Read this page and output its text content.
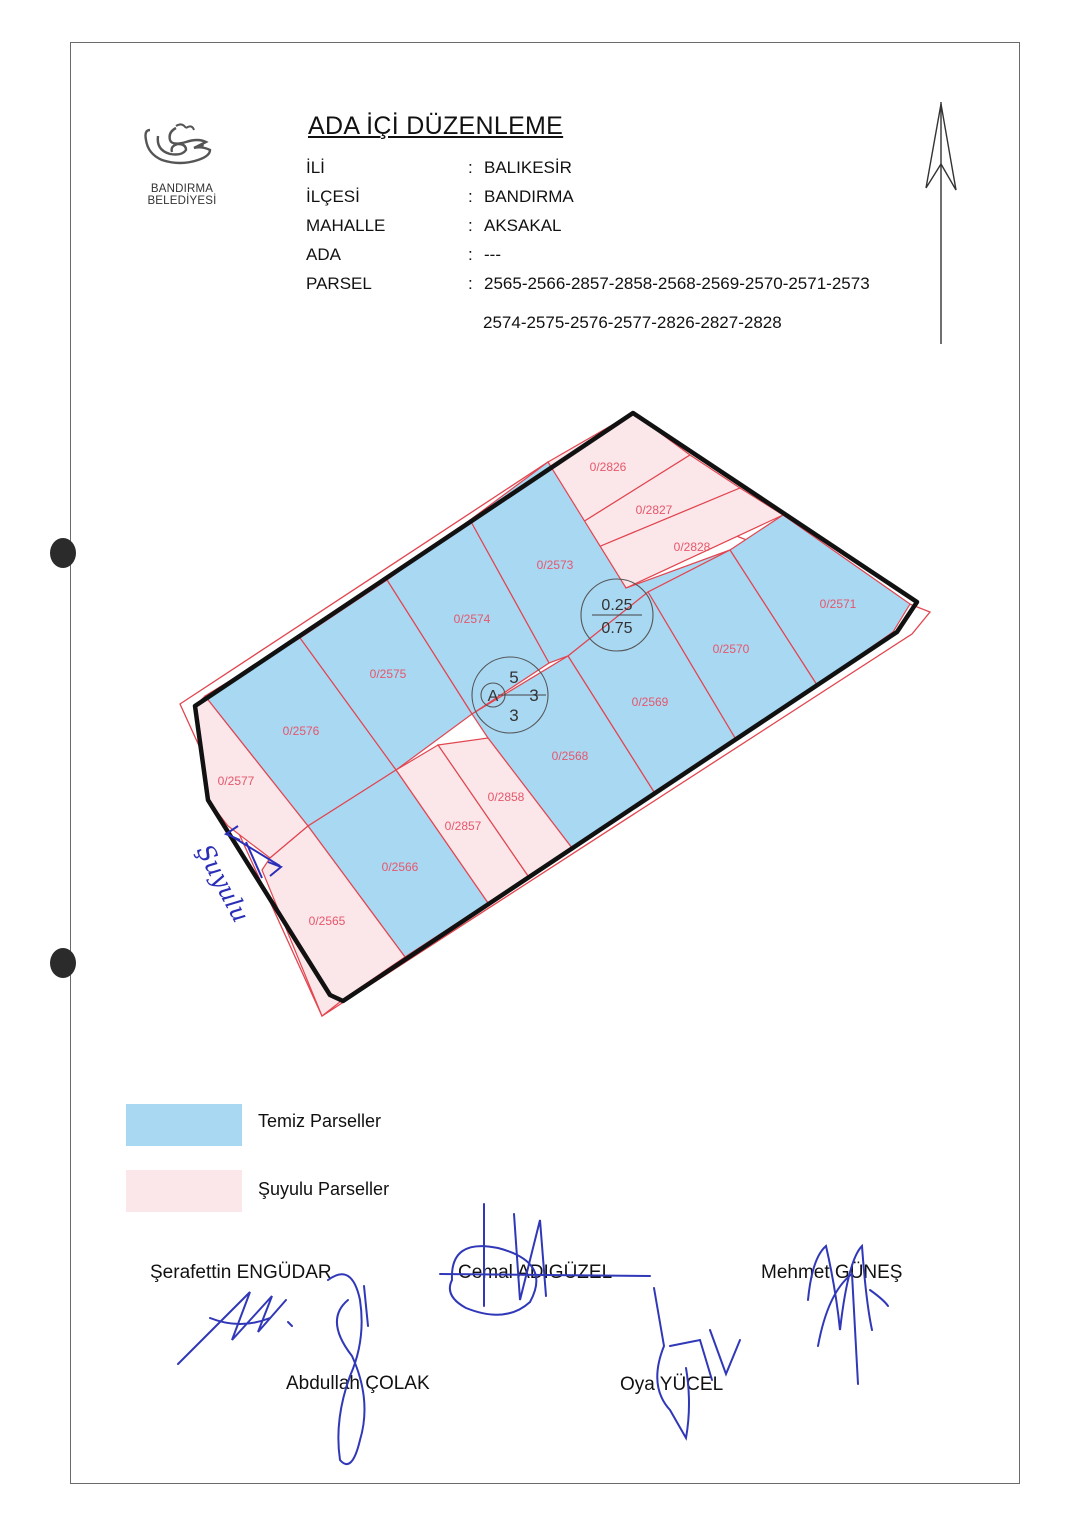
BANDIRMA
BELEDİYESİ
ADA İÇİ DÜZENLEME
İLİ	: BALIKESİR
İLÇESİ	: BANDIRMA
MAHALLE	: AKSAKAL
ADA	: ---
PARSEL	: 2565-2566-2857-2858-2568-2569-2570-2571-2573
2574-2575-2576-2577-2826-2827-2828
0.25
0.75
A
5
3
3
0/2826
0/2827
0/2828
0/2573
0/2571
0/2570
0/2574
0/2575
0/2576
0/2577
0/2569
0/2568
0/2858
0/2857
0/2566
0/2565
Şuyulu
Temiz Parseller
Şuyulu Parseller
Şerafettin ENGÜDAR	Cemal ADIGÜZEL	Mehmet GÜNEŞ
Abdullah ÇOLAK	Oya YÜCEL
